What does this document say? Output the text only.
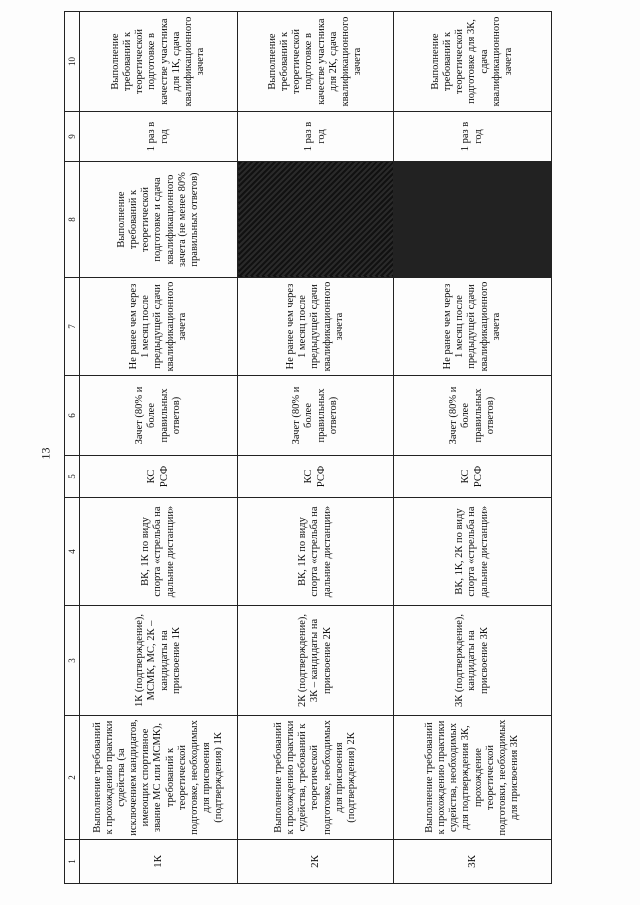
13
1	2	3	4	5	6	7	8	9	10
1К	Выполнение требований к прохождению практики судейства (за исключением кандидатов, имеющих спортивное звание МС или МСМК), требований к теоретической подготовке, необходимых для присвоения (подтверждения) 1К	1К (подтверждение), МСМК, МС, 2К – кандидаты на присвоение 1К	ВК, 1К по виду спорта «стрельба на дальние дистанции»	КС РСФ	Зачет (80% и более правильных ответов)	Не ранее чем через 1 месяц после предыдущей сдачи квалификационного зачета	Выполнение требований к теоретической подготовке и сдача квалификационного зачета (не менее 80% правильных ответов)	1 раз в год	Выполнение требований к теоретической подготовке в качестве участника для 1К, сдача квалификационного зачета
2К	Выполнение требований к прохождению практики судейства, требований к теоретической подготовке, необходимых для присвоения (подтверждения) 2К	2К (подтверждение), 3К – кандидаты на присвоение 2К	ВК, 1К по виду спорта «стрельба на дальние дистанции»	КС РСФ	Зачет (80% и более правильных ответов)	Не ранее чем через 1 месяц после предыдущей сдачи квалификационного зачета		1 раз в год	Выполнение требований к теоретической подготовке в качестве участника для 2К, сдача квалификационного зачета
3К	Выполнение требований к прохождению практики судейства, необходимых для подтверждения 3К, прохождение теоретической подготовки, необходимых для присвоения 3К	3К (подтверждение), кандидаты на присвоение 3К	ВК, 1К, 2К по виду спорта «стрельба на дальние дистанции»	КС РСФ	Зачет (80% и более правильных ответов)	Не ранее чем через 1 месяц после предыдущей сдачи квалификационного зачета		1 раз в год	Выполнение требований к теоретической подготовке для 3К, сдача квалификационного зачета
